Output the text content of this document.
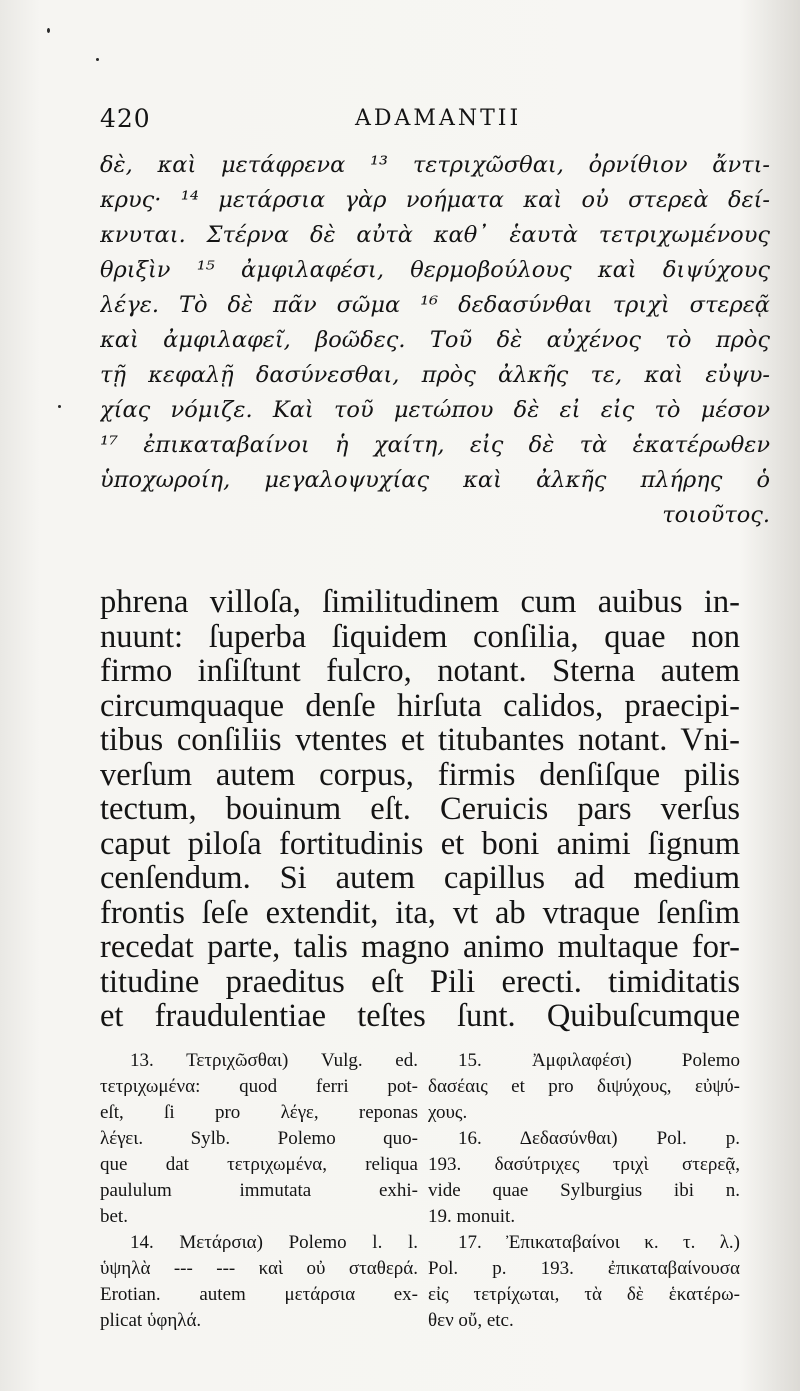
420	ADAMANTII
δὲ, καὶ μετάφρενα ¹³ τετριχῶσθαι, ὀρνίθιον ἄντι-
κρυς· ¹⁴ μετάρσια γὰρ νοήματα καὶ οὐ στερεὰ δεί-
κνυται. Στέρνα δὲ αὐτὰ καθ᾽ ἑαυτὰ τετριχωμένους
θριξὶν ¹⁵ ἀμφιλαφέσι, θερμοβούλους καὶ διψύχους
λέγε. Τὸ δὲ πᾶν σῶμα ¹⁶ δεδασύνθαι τριχὶ στερεᾷ
καὶ ἀμφιλαφεῖ, βοῶδες. Τοῦ δὲ αὐχένος τὸ πρὸς
τῇ κεφαλῇ δασύνεσθαι, πρὸς ἀλκῆς τε, καὶ εὐψυ-
χίας νόμιζε. Καὶ τοῦ μετώπου δὲ εἰ εἰς τὸ μέσον
¹⁷ ἐπικαταβαίνοι ἡ χαίτη, εἰς δὲ τὰ ἑκατέρωθεν
ὑποχωροίη, μεγαλοψυχίας καὶ ἀλκῆς πλήρης ὁ
τοιοῦτος.
phrena villoſa, ſimilitudinem cum auibus in-
nuunt: ſuperba ſiquidem conſilia, quae non
firmo inſiſtunt fulcro, notant. Sterna autem
circumquaque denſe hirſuta calidos, praecipi-
tibus conſiliis vtentes et titubantes notant. Vni-
verſum autem corpus, firmis denſiſque pilis
tectum, bouinum eſt. Ceruicis pars verſus
caput piloſa fortitudinis et boni animi ſignum
cenſendum. Si autem capillus ad medium
frontis ſeſe extendit, ita, vt ab vtraque ſenſim
recedat parte, talis magno animo multaque for-
titudine praeditus eſt Pili erecti. timiditatis
et fraudulentiae teſtes ſunt. Quibuſcumque
13. Τετριχῶσθαι) Vulg. ed.
τετριχωμένα: quod ferri pot-
eſt, ſi pro λέγε, reponas
λέγει. Sylb. Polemo quo-
que dat τετριχωμένα, reliqua
paululum immutata exhi-
bet.
14. Μετάρσια) Polemo l. l.
ὑψηλὰ --- --- καὶ οὐ σταθερά.
Erotian. autem μετάρσια ex-
plicat ὑφηλά.
15. Ἀμφιλαφέσι) Polemo
δασέαις et pro διψύχους, εὐψύ-
χους.
16. Δεδασύνθαι) Pol. p.
193. δασύτριχες τριχὶ στερεᾷ,
vide quae Sylburgius ibi n.
19. monuit.
17. Ἐπικαταβαίνοι κ. τ. λ.)
Pol. p. 193. ἐπικαταβαίνουσα
εἰς τετρίχωται, τὰ δὲ ἑκατέρω-
θεν οὔ, etc.
